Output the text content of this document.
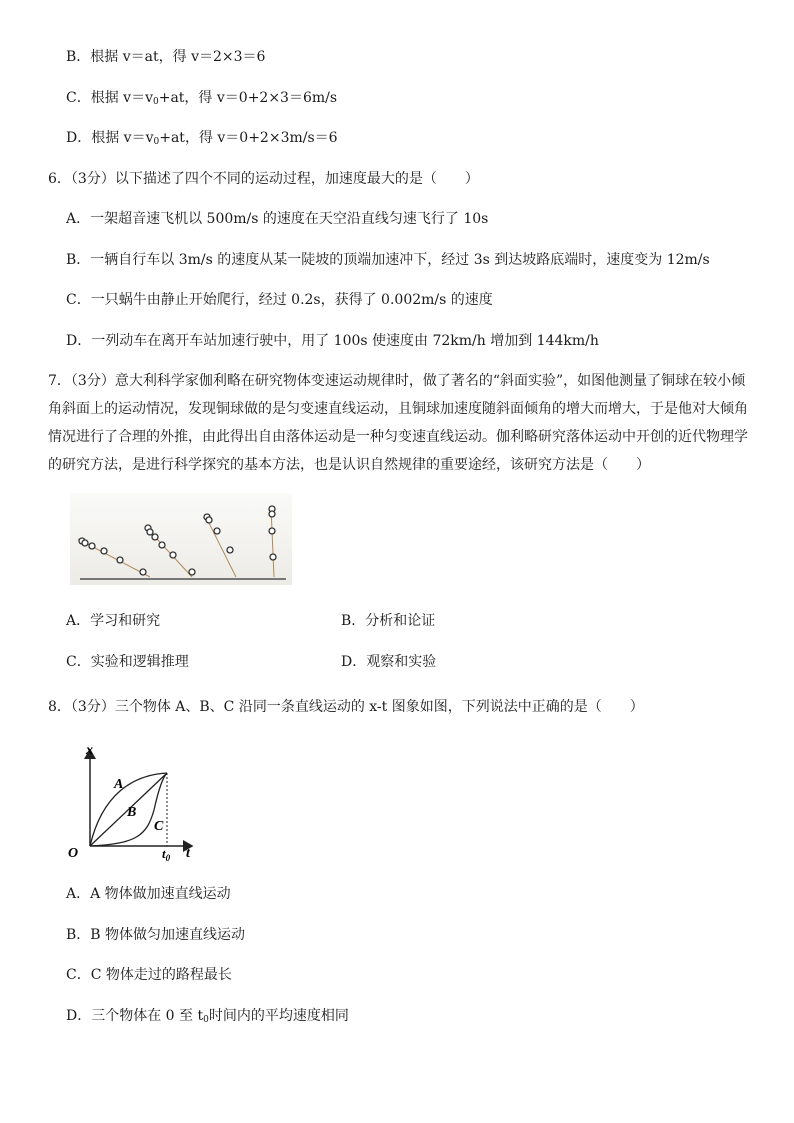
B．根据 v＝at，得 v＝2×3＝6
C．根据 $v=v_0+at$，得 v＝0+2×3＝6m/s
D．根据 $v=v_0+at$，得 v＝0+2×3m/s＝6
6．（3分）以下描述了四个不同的运动过程，加速度最大的是（　　）
A．一架超音速飞机以 500m/s 的速度在天空沿直线匀速飞行了 10s
B．一辆自行车以 3m/s 的速度从某一陡坡的顶端加速冲下，经过 3s 到达坡路底端时，速度变为 12m/s
C．一只蜗牛由静止开始爬行，经过 0.2s，获得了 0.002m/s 的速度
D．一列动车在离开车站加速行驶中，用了 100s 使速度由 72km/h 增加到 144km/h
7．（3分）意大利科学家伽利略在研究物体变速运动规律时，做了著名的“斜面实验”，如图他测量了铜球在较小倾角斜面上的运动情况，发现铜球做的是匀变速直线运动，且铜球加速度随斜面倾角的增大而增大，于是他对大倾角情况进行了合理的外推，由此得出自由落体运动是一种匀变速直线运动。伽利略研究落体运动中开创的近代物理学的研究方法，是进行科学探究的基本方法，也是认识自然规律的重要途经，该研究方法是（　　）
A．学习和研究	B．分析和论证
C．实验和逻辑推理	D．观察和实验
8．（3分）三个物体 A、B、C 沿同一条直线运动的 x-t 图象如图，下列说法中正确的是（　　）
x
O	t
$t_0$
A
B
C
A．A 物体做加速直线运动
B．B 物体做匀加速直线运动
C．C 物体走过的路程最长
D．三个物体在 0 至 $t_0$时间内的平均速度相同
